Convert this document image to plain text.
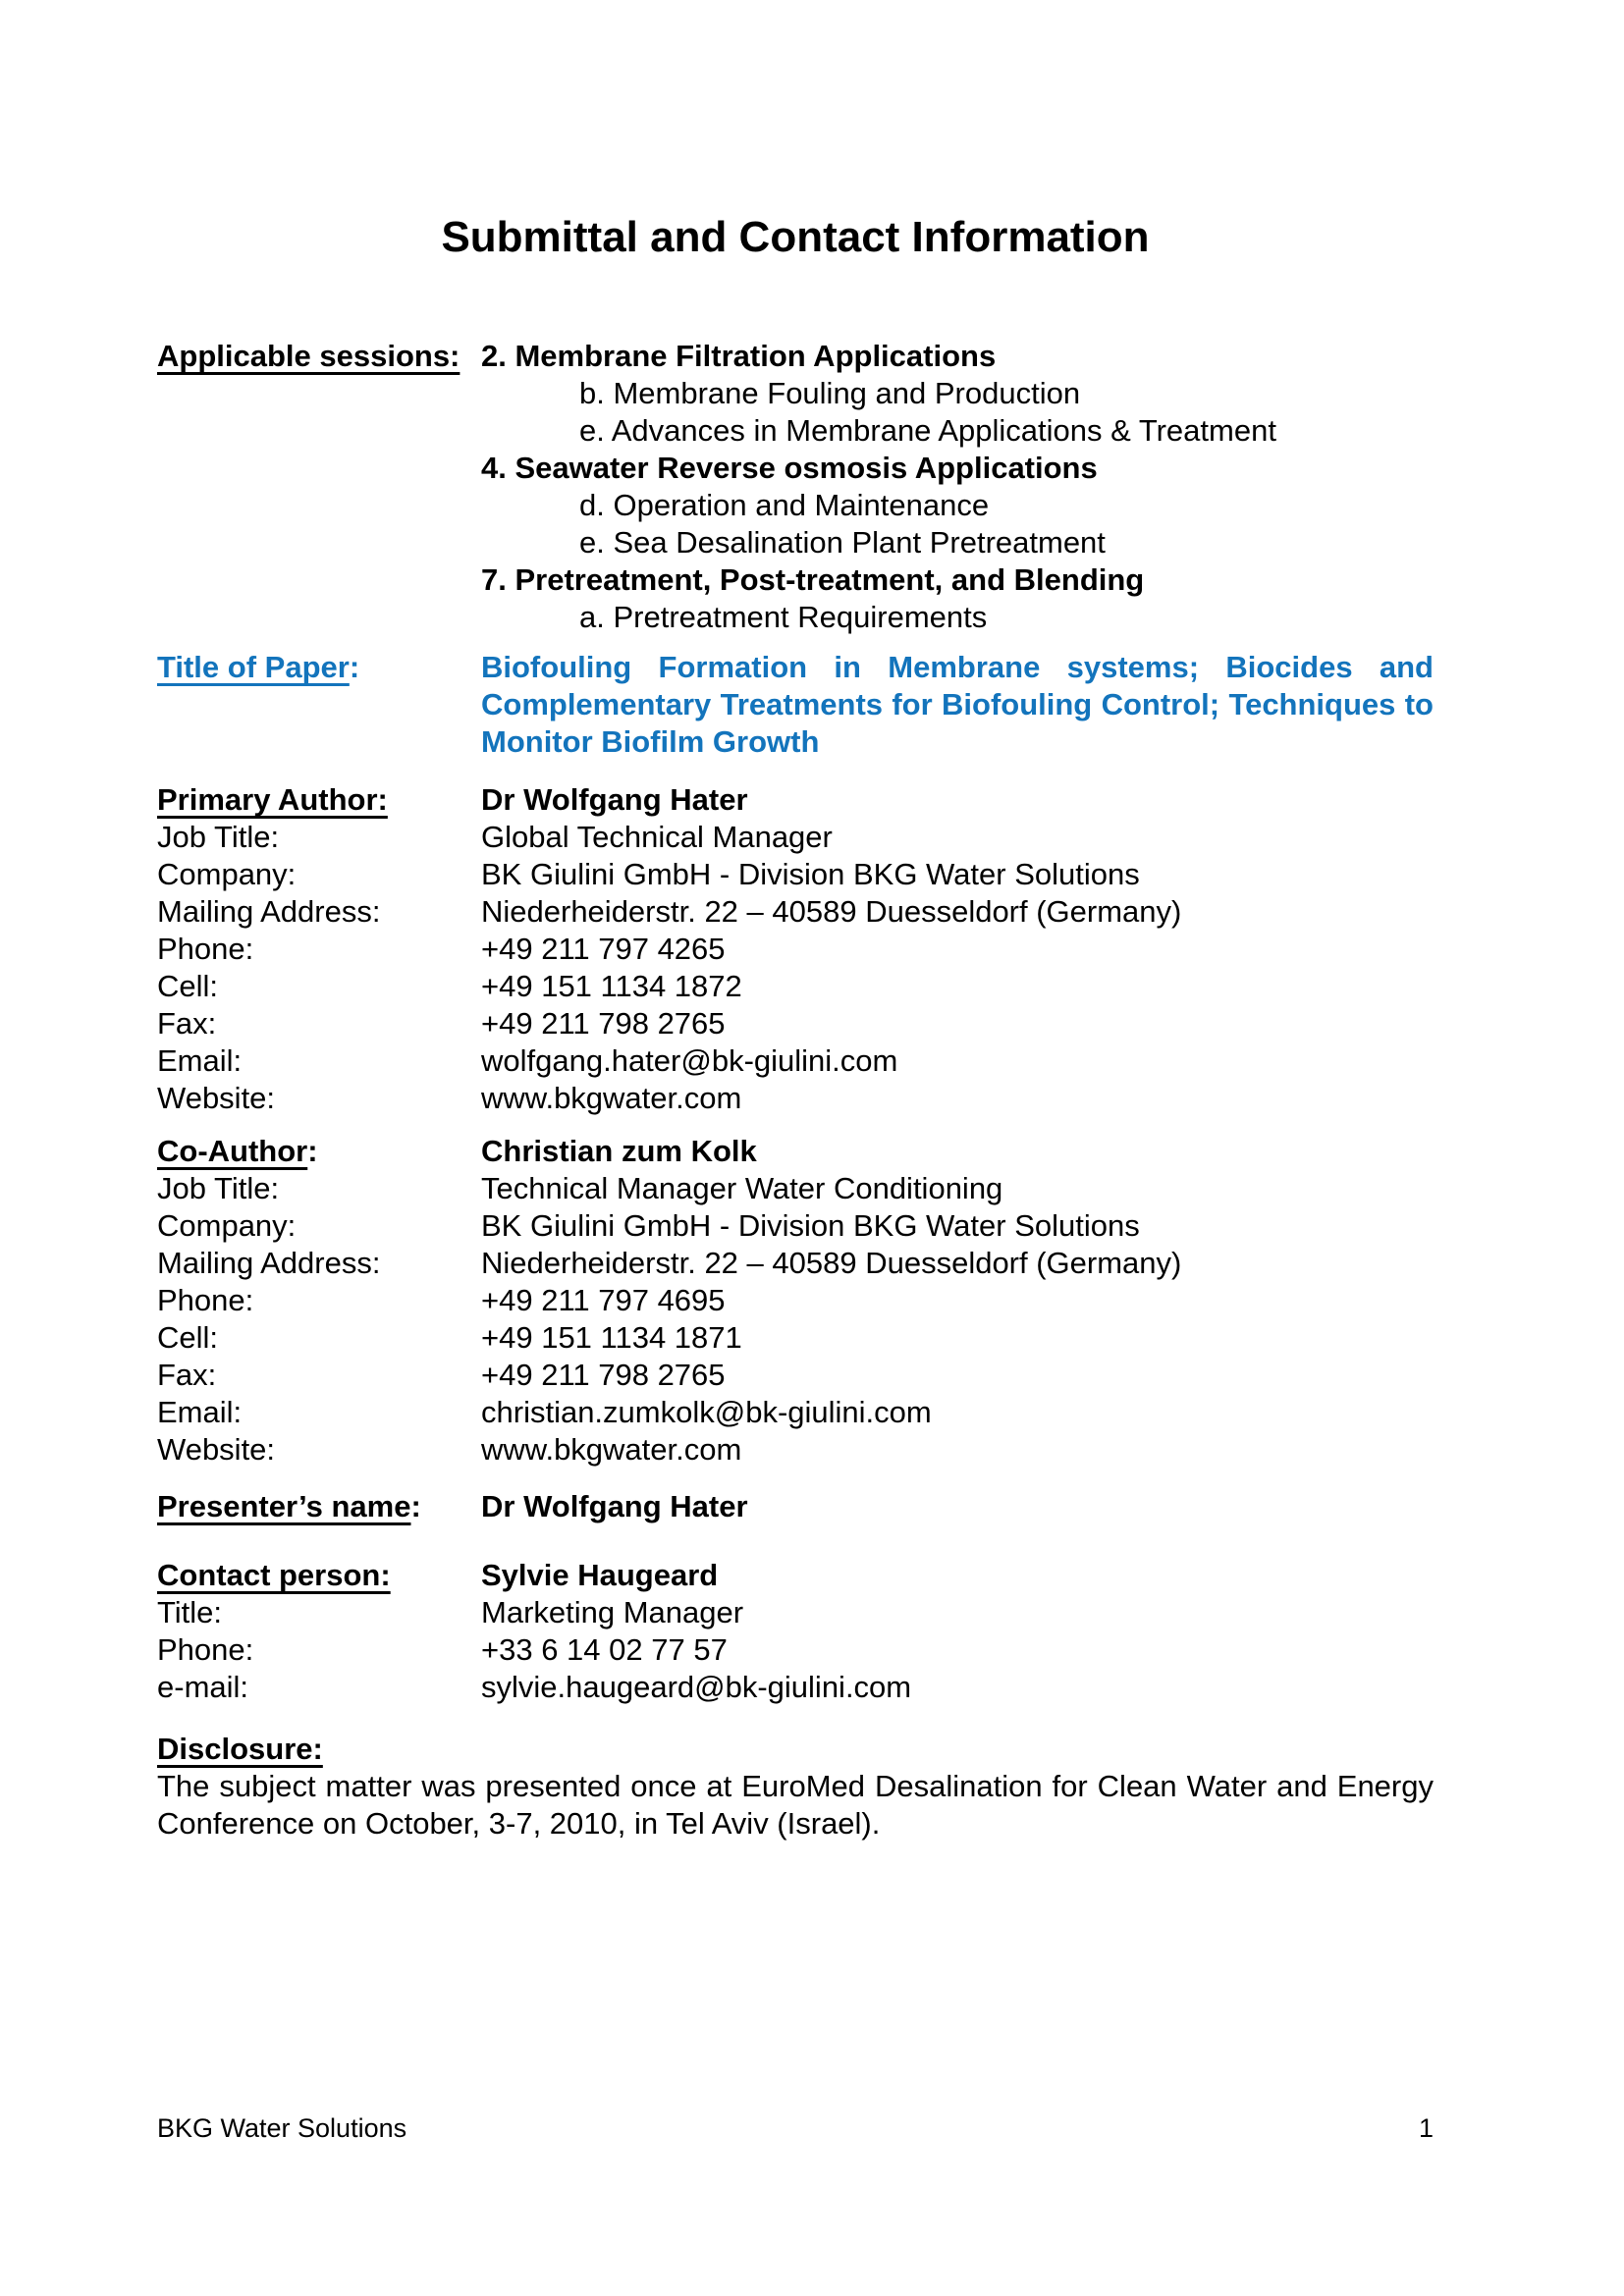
Submittal and Contact Information
Applicable sessions: 2. Membrane Filtration Applications
b. Membrane Fouling and Production
e. Advances in Membrane Applications & Treatment
4. Seawater Reverse osmosis Applications
d. Operation and Maintenance
e. Sea Desalination Plant Pretreatment
7. Pretreatment, Post-treatment, and Blending
a. Pretreatment Requirements
Title of Paper:	Biofouling Formation in Membrane systems; Biocides and Complementary Treatments for Biofouling Control; Techniques to Monitor Biofilm Growth
Primary Author:	Dr Wolfgang Hater
Job Title:	Global Technical Manager
Company:	BK Giulini GmbH - Division BKG Water Solutions
Mailing Address:	Niederheiderstr. 22 – 40589 Duesseldorf (Germany)
Phone:	+49 211 797 4265
Cell:	+49 151 1134 1872
Fax:	+49 211 798 2765
Email:	wolfgang.hater@bk-giulini.com
Website:	www.bkgwater.com
Co-Author:	Christian zum Kolk
Job Title:	Technical Manager Water Conditioning
Company:	BK Giulini GmbH - Division BKG Water Solutions
Mailing Address:	Niederheiderstr. 22 – 40589 Duesseldorf (Germany)
Phone:	+49 211 797 4695
Cell:	+49 151 1134 1871
Fax:	+49 211 798 2765
Email:	christian.zumkolk@bk-giulini.com
Website:	www.bkgwater.com
Presenter’s name:	Dr Wolfgang Hater
Contact person:	Sylvie Haugeard
Title:	Marketing Manager
Phone:	+33 6 14 02 77 57
e-mail:	sylvie.haugeard@bk-giulini.com
Disclosure:

The subject matter was presented once at EuroMed Desalination for Clean Water and Energy Conference on October, 3-7, 2010, in Tel Aviv (Israel).

BKG Water Solutions	1
